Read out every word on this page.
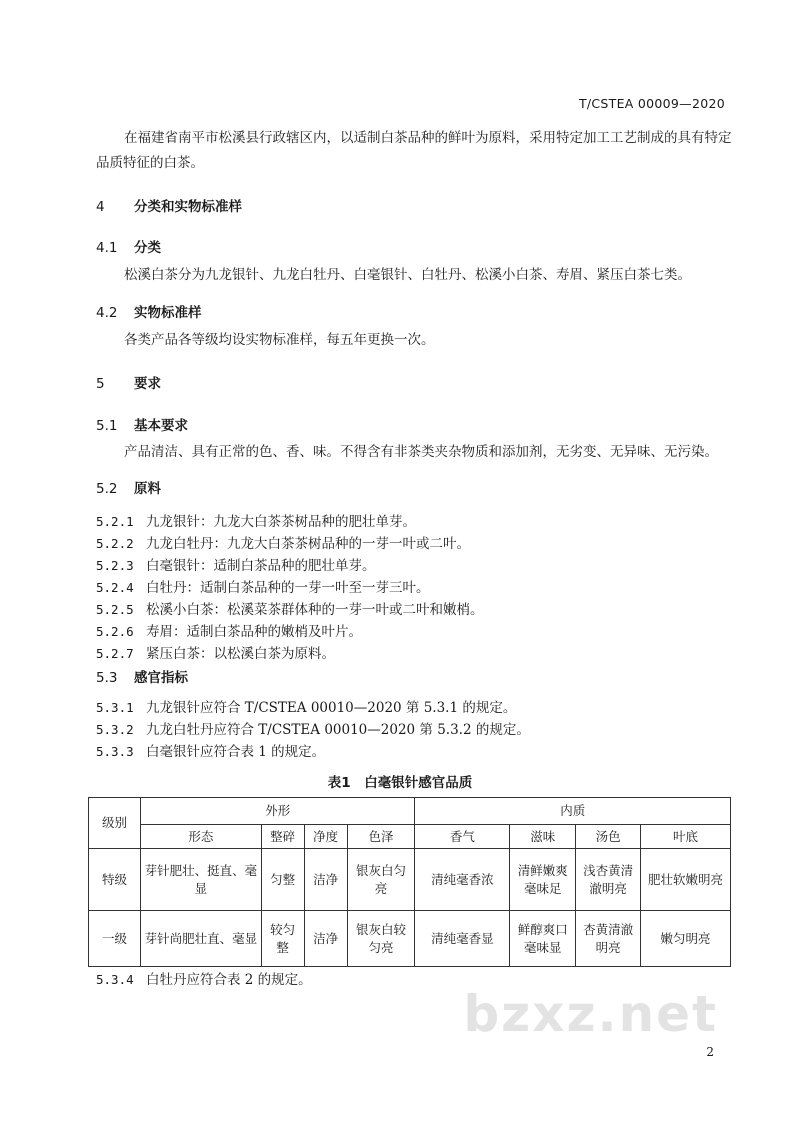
T/CSTEA 00009—2020
在福建省南平市松溪县行政辖区内，以适制白茶品种的鲜叶为原料，采用特定加工工艺制成的具有特定品质特征的白茶。
4 分类和实物标准样
4.1 分类
松溪白茶分为九龙银针、九龙白牡丹、白毫银针、白牡丹、松溪小白茶、寿眉、紧压白茶七类。
4.2 实物标准样
各类产品各等级均设实物标准样，每五年更换一次。
5 要求
5.1 基本要求
产品清洁、具有正常的色、香、味。不得含有非茶类夹杂物质和添加剂，无劣变、无异味、无污染。
5.2 原料
5.2.1 九龙银针：九龙大白茶茶树品种的肥壮单芽。
5.2.2 九龙白牡丹：九龙大白茶茶树品种的一芽一叶或二叶。
5.2.3 白毫银针：适制白茶品种的肥壮单芽。
5.2.4 白牡丹：适制白茶品种的一芽一叶至一芽三叶。
5.2.5 松溪小白茶：松溪菜茶群体种的一芽一叶或二叶和嫩梢。
5.2.6 寿眉：适制白茶品种的嫩梢及叶片。
5.2.7 紧压白茶：以松溪白茶为原料。
5.3 感官指标
5.3.1 九龙银针应符合 T/CSTEA 00010—2020 第 5.3.1 的规定。
5.3.2 九龙白牡丹应符合 T/CSTEA 00010—2020 第 5.3.2 的规定。
5.3.3 白毫银针应符合表 1 的规定。
表1　白毫银针感官品质
级别	外形				内质			
	形态	整碎	净度	色泽	香气	滋味	汤色	叶底
特级	芽针肥壮、挺直、毫显	匀整	洁净	银灰白匀亮	清纯毫香浓	清鲜嫩爽毫味足	浅杏黄清澈明亮	肥壮软嫩明亮
一级	芽针尚肥壮直、毫显	较匀整	洁净	银灰白较匀亮	清纯毫香显	鲜醇爽口毫味显	杏黄清澈明亮	嫩匀明亮
5.3.4 白牡丹应符合表 2 的规定。
bzxz.net
2
